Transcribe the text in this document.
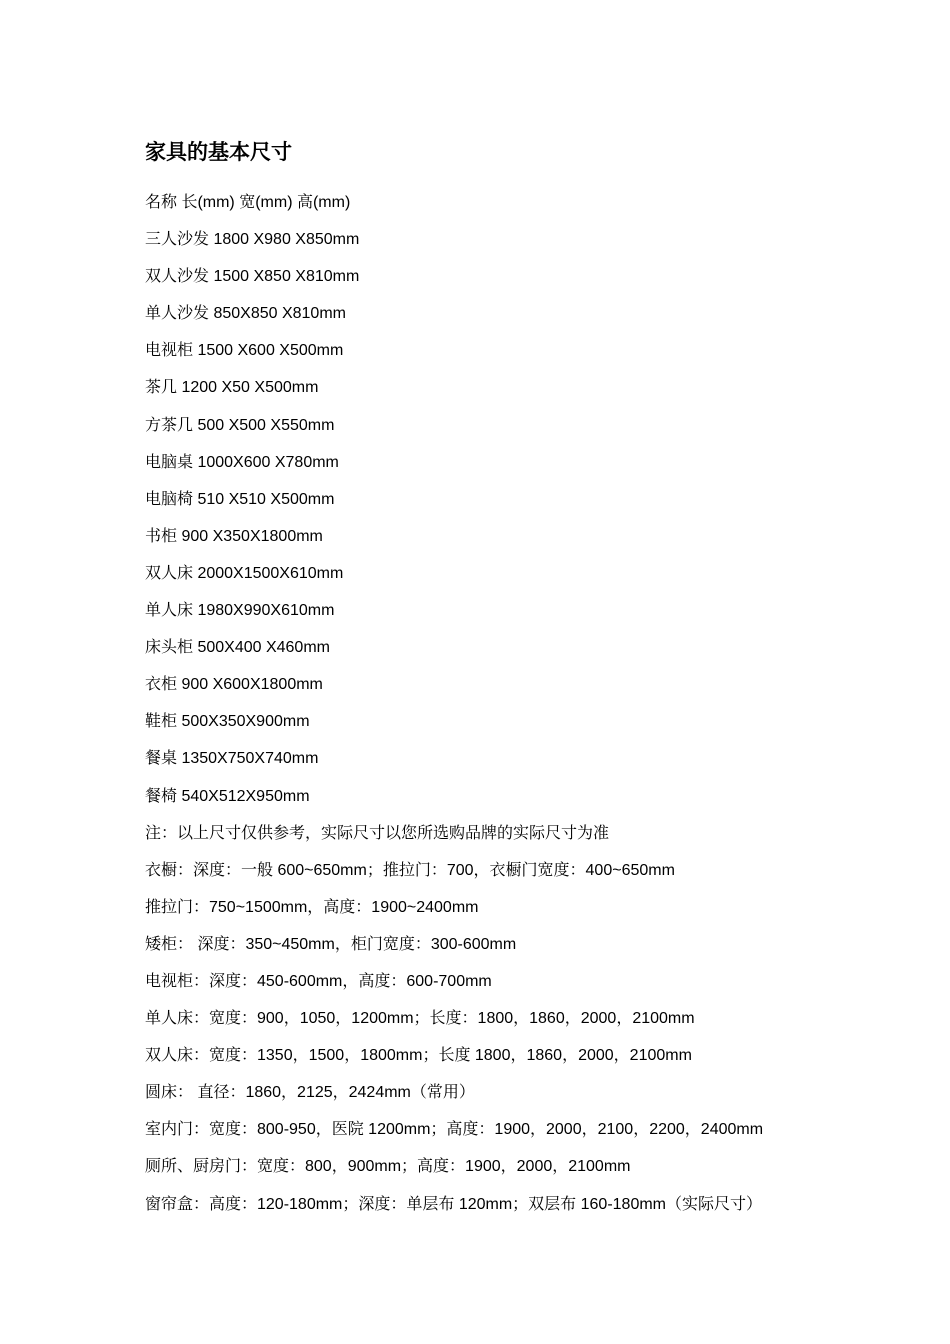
家具的基本尺寸
名称 长(mm) 宽(mm) 高(mm)
三人沙发 1800 X980 X850mm
双人沙发 1500 X850 X810mm
单人沙发 850X850 X810mm
电视柜 1500 X600 X500mm
茶几 1200 X50 X500mm
方茶几 500 X500 X550mm
电脑桌 1000X600 X780mm
电脑椅 510 X510 X500mm
书柜 900 X350X1800mm
双人床 2000X1500X610mm
单人床 1980X990X610mm
床头柜 500X400 X460mm
衣柜 900 X600X1800mm
鞋柜 500X350X900mm
餐桌 1350X750X740mm
餐椅 540X512X950mm
注：以上尺寸仅供参考，实际尺寸以您所选购品牌的实际尺寸为准
衣橱：深度：一般 600~650mm；推拉门：700，衣橱门宽度：400~650mm
推拉门：750~1500mm，高度：1900~2400mm
矮柜： 深度：350~450mm，柜门宽度：300-600mm
电视柜：深度：450-600mm，高度：600-700mm
单人床：宽度：900，1050，1200mm；长度：1800，1860，2000，2100mm
双人床：宽度：1350，1500，1800mm；长度 1800，1860，2000，2100mm
圆床： 直径：1860，2125，2424mm（常用）
室内门：宽度：800-950，医院 1200mm；高度：1900，2000，2100，2200，2400mm
厕所、厨房门：宽度：800，900mm；高度：1900，2000，2100mm
窗帘盒：高度：120-180mm；深度：单层布 120mm；双层布 160-180mm（实际尺寸）
